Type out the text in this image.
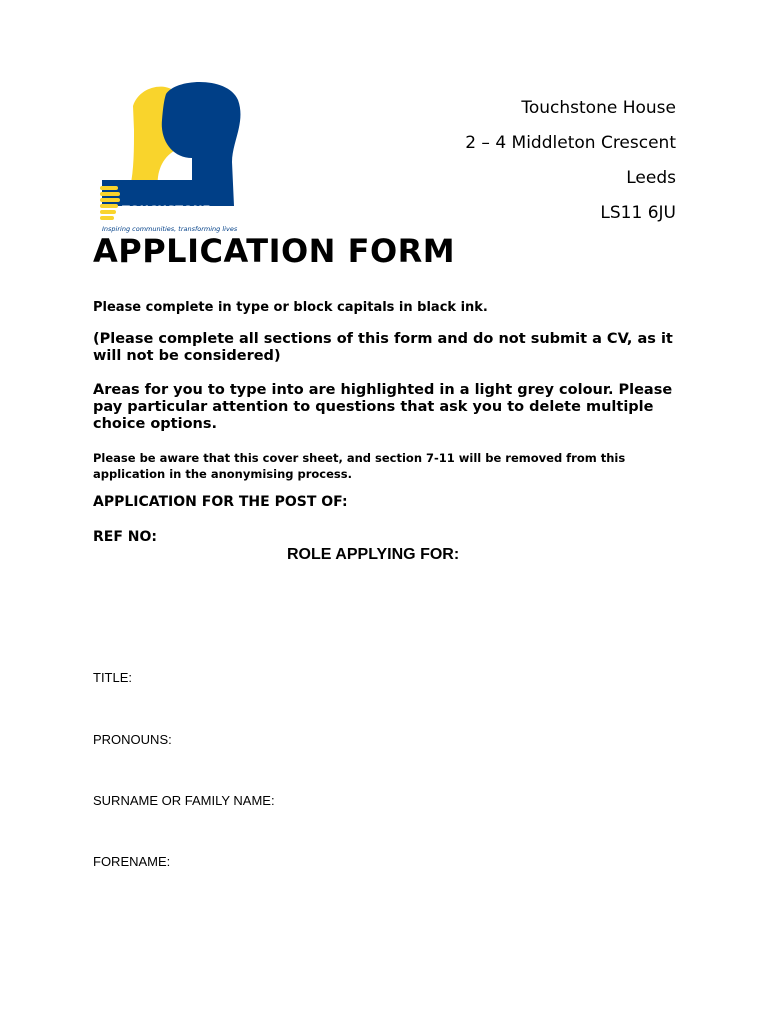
TOUCHSTONE
Inspiring communities, transforming lives
Touchstone House
2 – 4 Middleton Crescent
Leeds
LS11 6JU
APPLICATION FORM

Please complete in type or block capitals in black ink.

(Please complete all sections of this form and do not submit a CV, as it will not be considered)

Areas for you to type into are highlighted in a light grey colour. Please pay particular attention to questions that ask you to delete multiple choice options.

Please be aware that this cover sheet, and section 7-11 will be removed from this application in the anonymising process.

APPLICATION FOR THE POST OF:

REF NO:

ROLE APPLYING FOR:

TITLE:

PRONOUNS:

SURNAME OR FAMILY NAME:

FORENAME:
